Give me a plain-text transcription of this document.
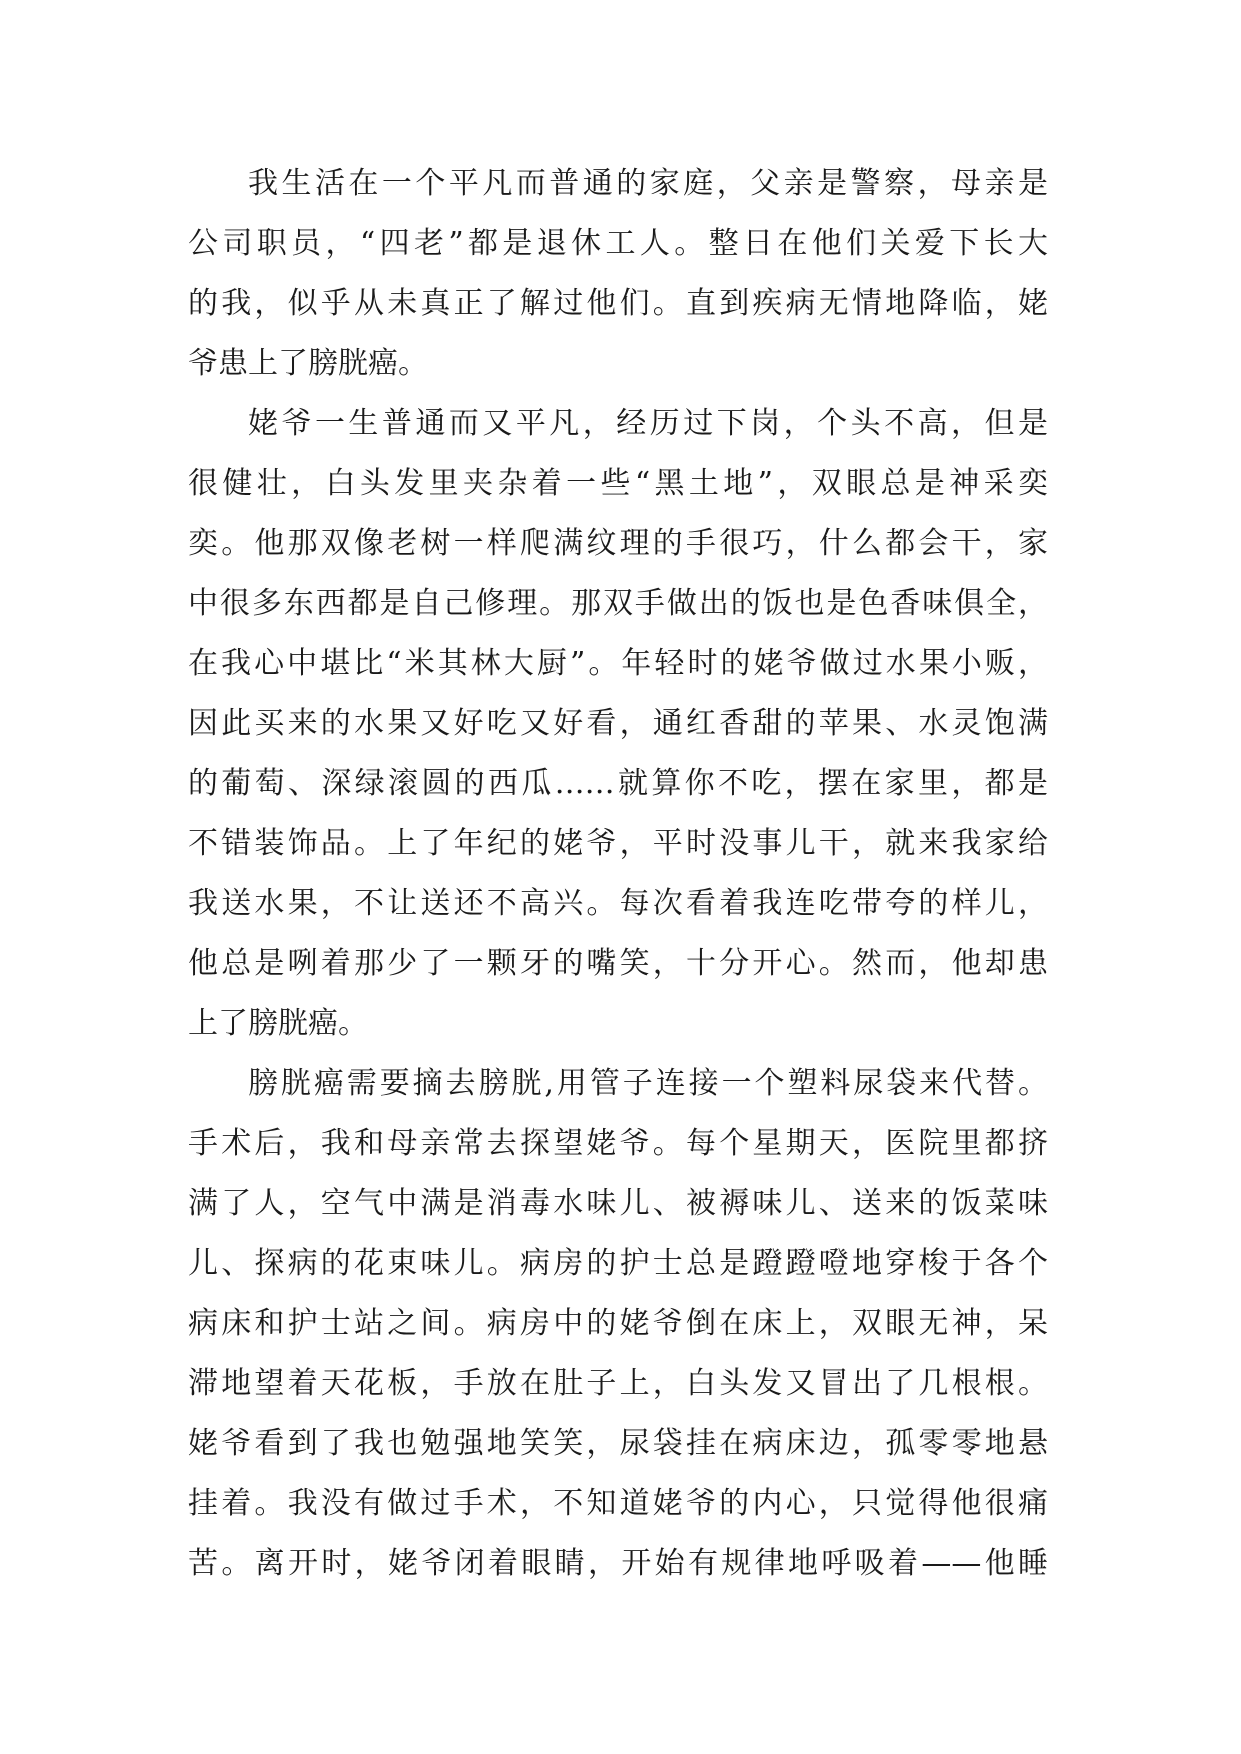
我生活在一个平凡而普通的家庭，父亲是警察，母亲是
公司职员，“四老”都是退休工人。整日在他们关爱下长大
的我，似乎从未真正了解过他们。直到疾病无情地降临，姥
爷患上了膀胱癌。
姥爷一生普通而又平凡，经历过下岗，个头不高，但是
很健壮，白头发里夹杂着一些“黑土地”，双眼总是神采奕
奕。他那双像老树一样爬满纹理的手很巧，什么都会干，家
中很多东西都是自己修理。那双手做出的饭也是色香味俱全，
在我心中堪比“米其林大厨”。年轻时的姥爷做过水果小贩，
因此买来的水果又好吃又好看，通红香甜的苹果、水灵饱满
的葡萄、深绿滚圆的西瓜……就算你不吃，摆在家里，都是
不错装饰品。上了年纪的姥爷，平时没事儿干，就来我家给
我送水果，不让送还不高兴。每次看着我连吃带夸的样儿，
他总是咧着那少了一颗牙的嘴笑，十分开心。然而，他却患
上了膀胱癌。
膀胱癌需要摘去膀胱,用管子连接一个塑料尿袋来代替。
手术后，我和母亲常去探望姥爷。每个星期天，医院里都挤
满了人，空气中满是消毒水味儿、被褥味儿、送来的饭菜味
儿、探病的花束味儿。病房的护士总是蹬蹬噔地穿梭于各个
病床和护士站之间。病房中的姥爷倒在床上，双眼无神，呆
滞地望着天花板，手放在肚子上，白头发又冒出了几根根。
姥爷看到了我也勉强地笑笑，尿袋挂在病床边，孤零零地悬
挂着。我没有做过手术，不知道姥爷的内心，只觉得他很痛
苦。离开时，姥爷闭着眼睛，开始有规律地呼吸着——他睡
